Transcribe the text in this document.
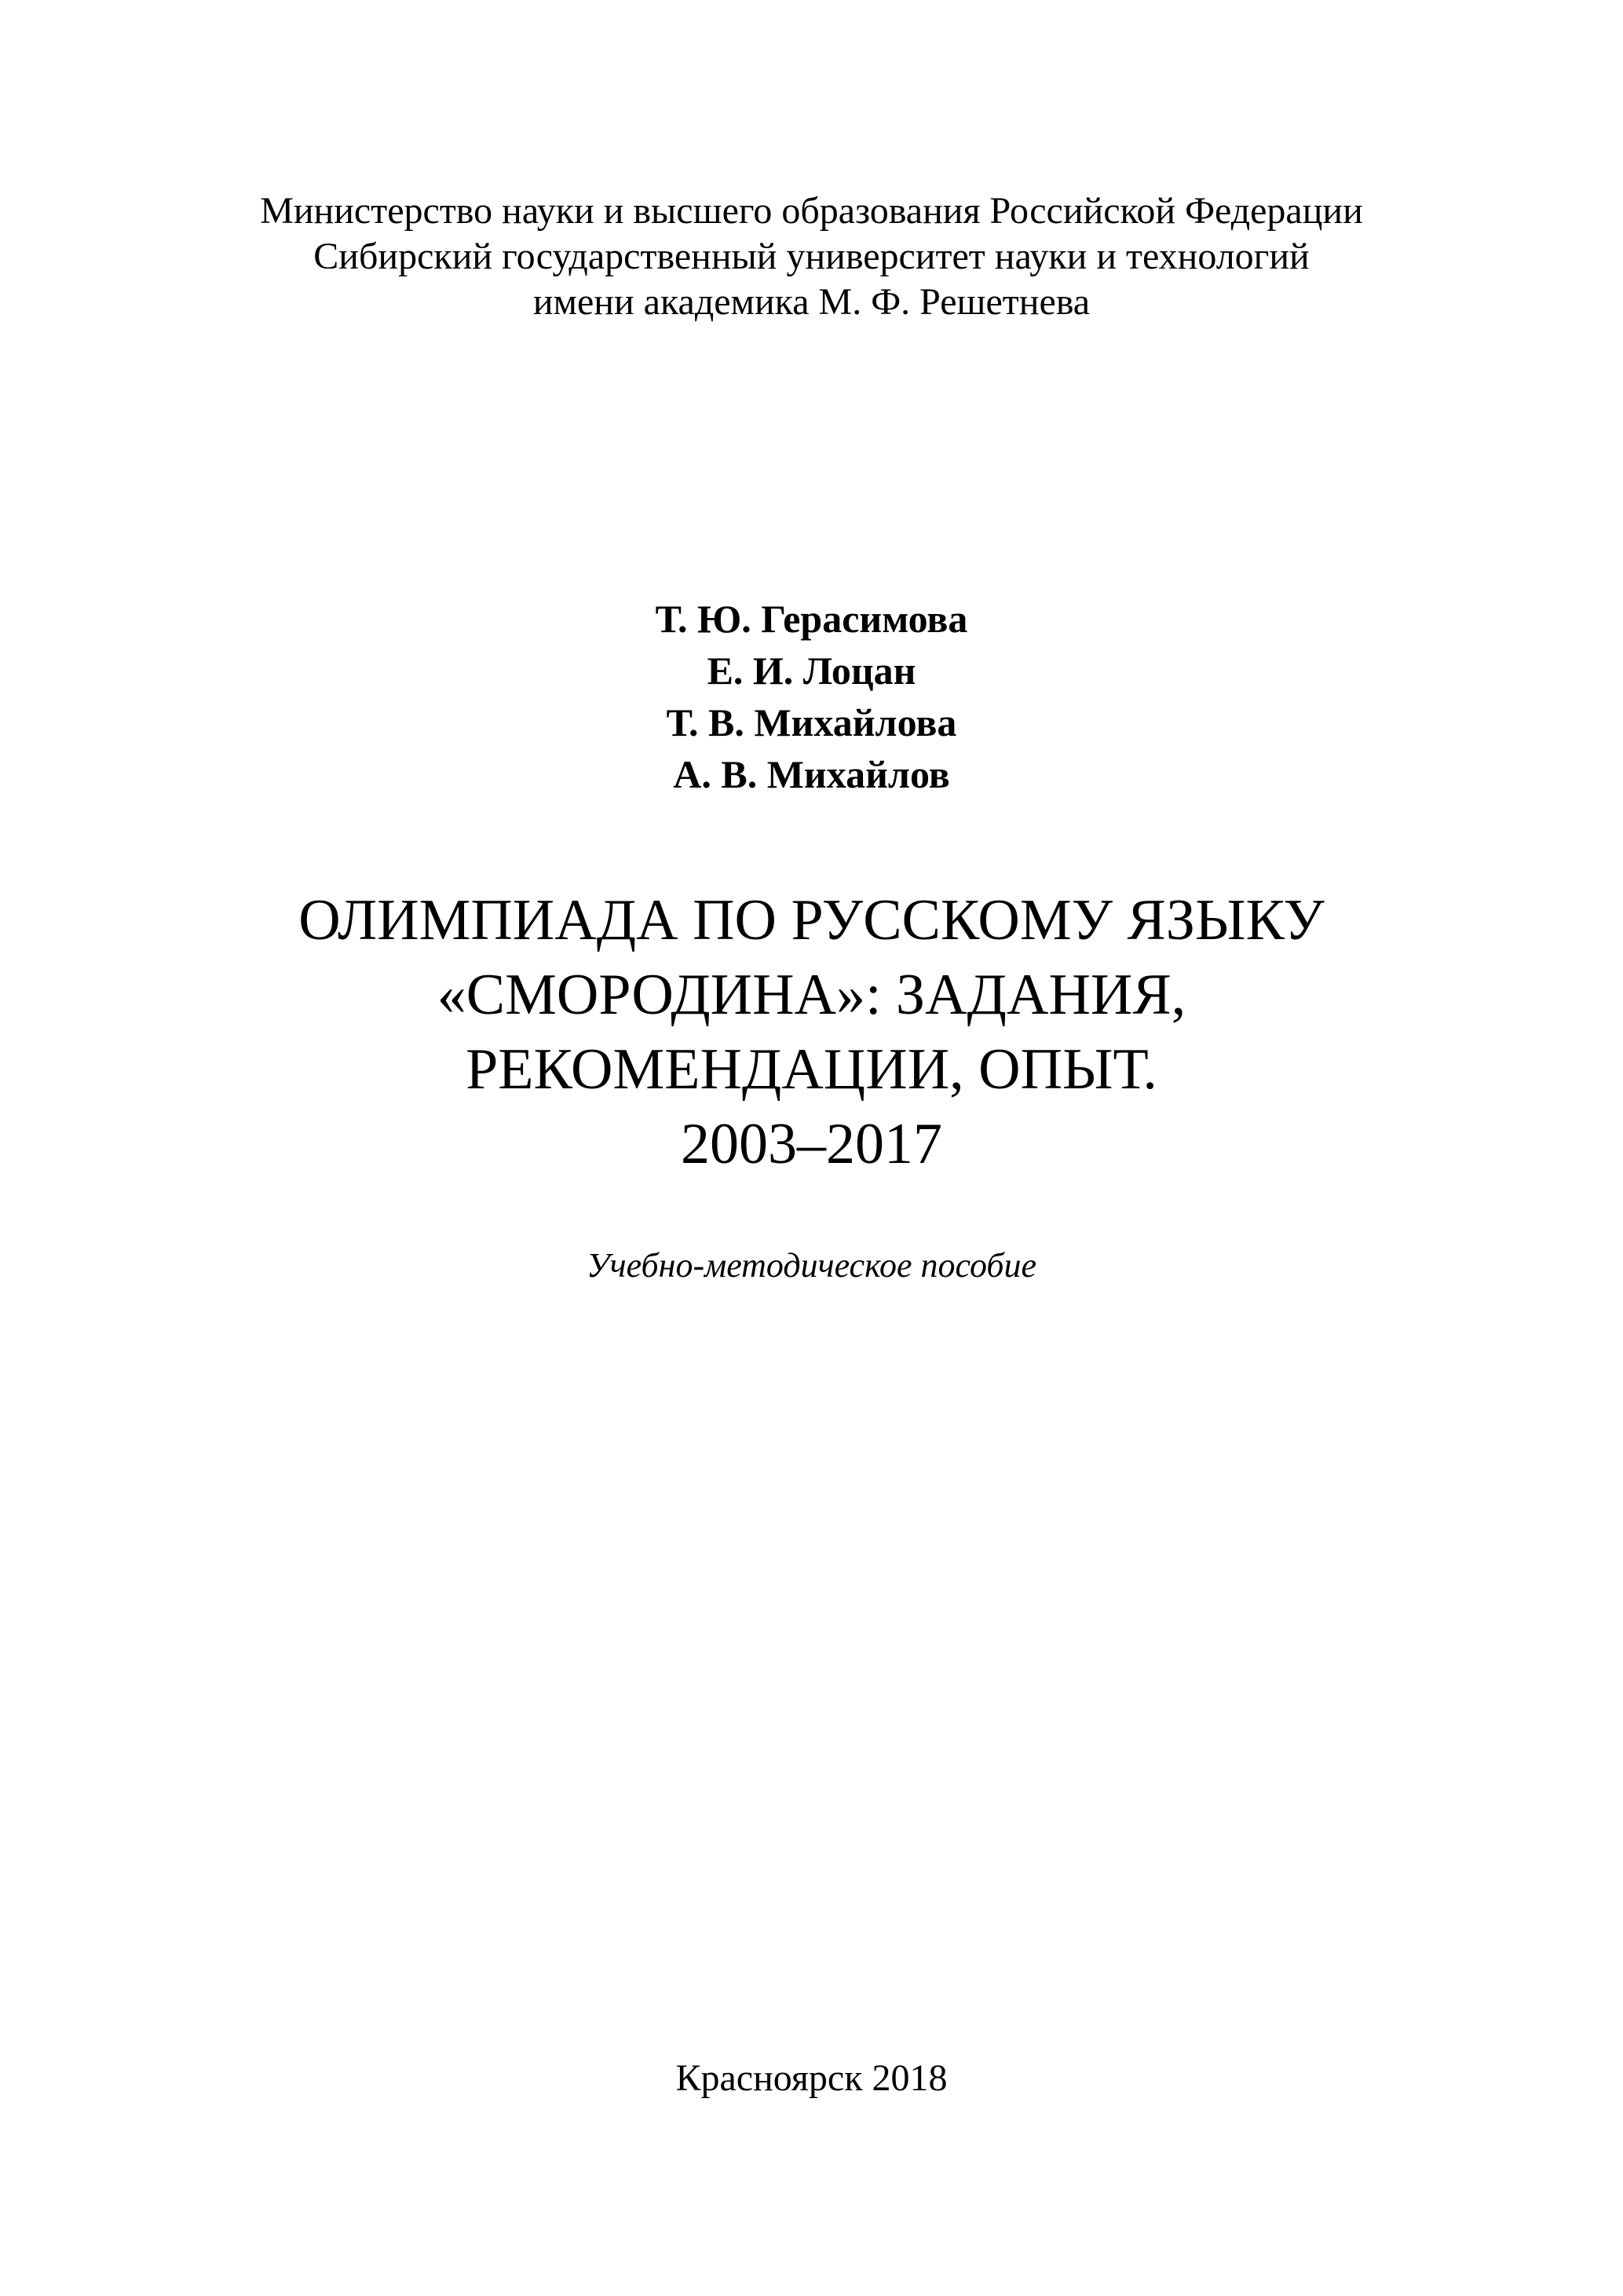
Министерство науки и высшего образования Российской Федерации
Сибирский государственный университет науки и технологий
имени академика М. Ф. Решетнева
Т. Ю. Герасимова
Е. И. Лоцан
Т. В. Михайлова
А. В. Михайлов
ОЛИМПИАДА ПО РУССКОМУ ЯЗЫКУ
«СМОРОДИНА»: ЗАДАНИЯ,
РЕКОМЕНДАЦИИ, ОПЫТ.
2003–2017
Учебно-методическое пособие
Красноярск 2018
